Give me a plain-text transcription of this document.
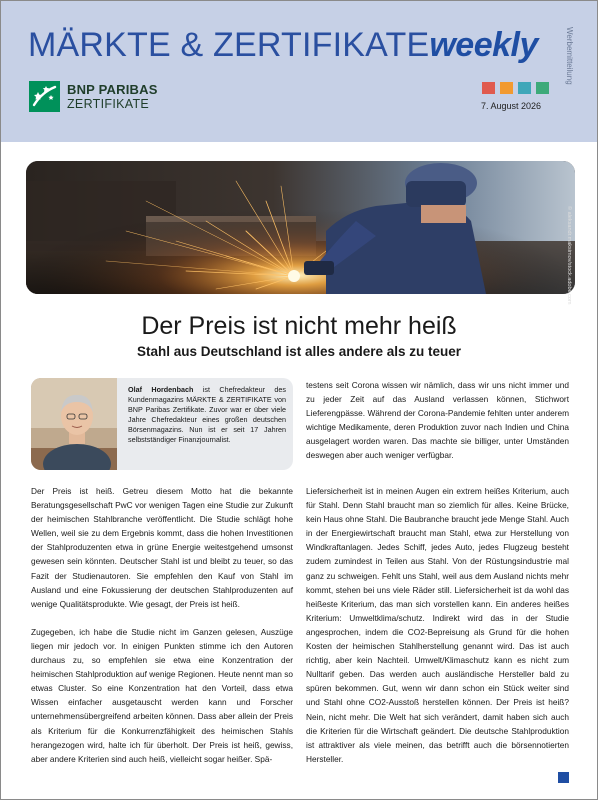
MÄRKTE & ZERTIFIKATEweekly	Werbemitteilung
BNP PARIBAS
ZERTIFIKATE	7. August 2026
© aleksandr.maksimov/stock.adobe.com
Der Preis ist nicht mehr heiß
Stahl aus Deutschland ist alles andere als zu teuer
Olaf Hordenbach ist Chefredakteur des Kundenmagazins MÄRKTE & ZERTIFIKATE von BNP Paribas Zertifikate. Zuvor war er über viele Jahre Chefredakteur eines großen deutschen Börsenmagazins. Nun ist er seit 17 Jahren selbstständiger Finanzjournalist.

Der Preis ist heiß. Getreu diesem Motto hat die bekannte Beratungsgesellschaft PwC vor wenigen Tagen eine Studie zur Zukunft der heimischen Stahlbranche veröffentlicht. Die Studie schlägt hohe Wellen, weil sie zu dem Ergebnis kommt, dass die hohen Investitionen der Stahlproduzenten etwa in grüne Energie weitestgehend umsonst gewesen sein könnten. Deutscher Stahl ist und bleibt zu teuer, so das Fazit der Studienautoren. Sie empfehlen den Kauf von Stahl im Ausland und eine Fokussierung der deutschen Stahlproduzenten auf wenige Qualitätsprodukte. Wie gesagt, der Preis ist heiß.

Zugegeben, ich habe die Studie nicht im Ganzen gelesen, Auszüge liegen mir jedoch vor. In einigen Punkten stimme ich den Autoren durchaus zu, so empfehlen sie etwa eine Konzentration der heimischen Stahlproduktion auf wenige Regionen. Heute nennt man so etwas Cluster. So eine Konzentration hat den Vorteil, dass etwa Wissen einfacher ausgetauscht werden kann und Forscher unternehmensübergreifend arbeiten können. Dass aber allein der Preis als Kriterium für die Konkurrenzfähigkeit des heimischen Stahls herangezogen wird, halte ich für überholt. Der Preis ist heiß, gewiss, aber andere Kriterien sind auch heiß, vielleicht sogar heißer. Spä-

testens seit Corona wissen wir nämlich, dass wir uns nicht immer und zu jeder Zeit auf das Ausland verlassen können, Stichwort Lieferengpässe. Während der Corona-Pandemie fehlten unter anderem wichtige Medikamente, deren Produktion zuvor nach Indien und China ausgelagert worden waren. Das machte sie billiger, unter Umständen deswegen aber auch weniger verfügbar.

Liefersicherheit ist in meinen Augen ein extrem heißes Kriterium, auch für Stahl. Denn Stahl braucht man so ziemlich für alles. Keine Brücke, kein Haus ohne Stahl. Die Baubranche braucht jede Menge Stahl. Auch in der Energiewirtschaft braucht man Stahl, etwa zur Herstellung von Windkraftanlagen. Jedes Schiff, jedes Auto, jedes Flugzeug besteht zudem zumindest in Teilen aus Stahl. Von der Rüstungsindustrie mal ganz zu schweigen. Fehlt uns Stahl, weil aus dem Ausland nichts mehr kommt, stehen bei uns viele Räder still. Liefersicherheit ist da wohl das heißeste Kriterium, das man sich vorstellen kann. Ein anderes heißes Kriterium: Umweltklima/schutz. Indirekt wird das in der Studie angesprochen, indem die CO2-Bepreisung als Grund für die hohen Kosten der heimischen Stahlherstellung genannt wird. Das ist auch richtig, aber kein Nachteil. Umwelt/Klimaschutz kann es nicht zum Nulltarif geben. Das werden auch ausländische Hersteller bald zu spüren bekommen. Gut, wenn wir dann schon ein Stück weiter sind und Stahl ohne CO2-Ausstoß herstellen können. Der Preis ist heiß? Nein, nicht mehr. Die Welt hat sich verändert, damit haben sich auch die Kriterien für die Wirtschaft geändert. Die deutsche Stahlproduktion ist attraktiver als viele meinen, das betrifft auch die börsennotierten Hersteller.
